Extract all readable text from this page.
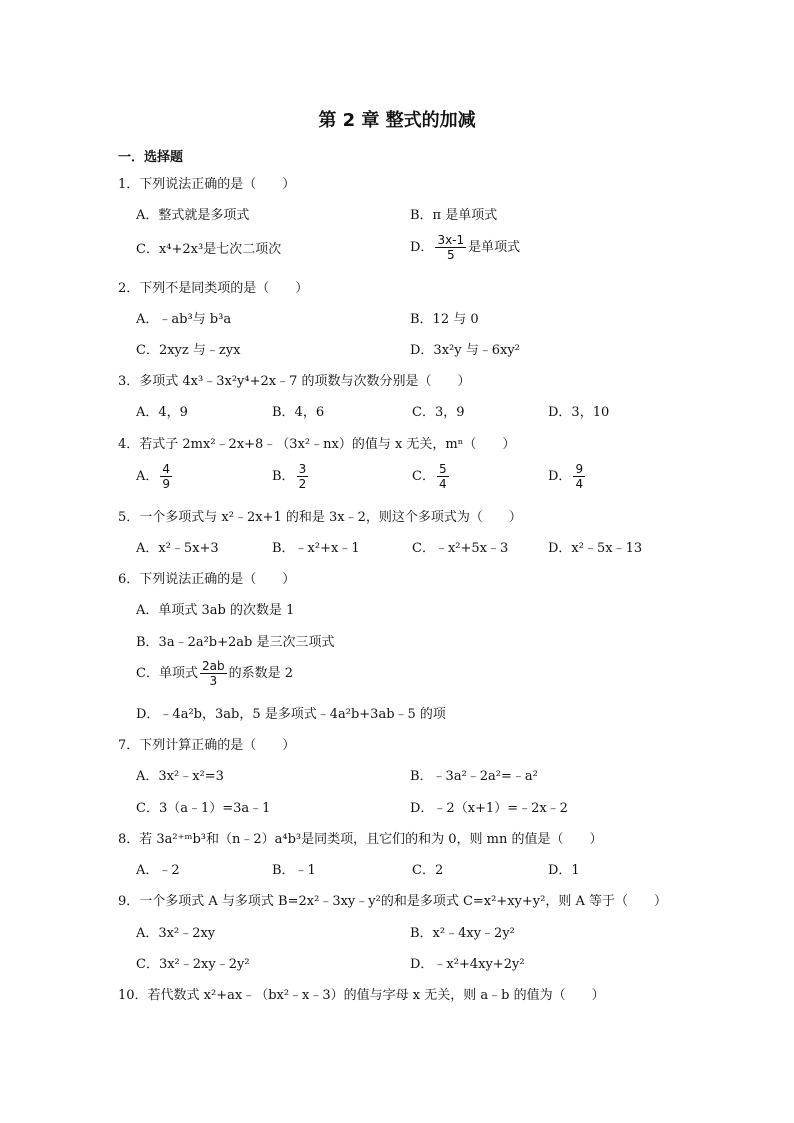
第 2 章 整式的加减
一．选择题
1．下列说法正确的是（　　）
A．整式就是多项式	B．π 是单项式
C．x⁴+2x³是七次二项次	D． $\frac{3x-1}{5}$ 是单项式
2．下列不是同类项的是（　　）
A．﹣ab³与 b³a	B．12 与 0
C．2xyz 与﹣zyx	D．3x²y 与﹣6xy²
3．多项式 4x³﹣3x²y⁴+2x﹣7 的项数与次数分别是（　　）
A．4，9	B．4，6	C．3，9	D．3，10
4．若式子 2mx²﹣2x+8﹣（3x²﹣nx）的值与 x 无关，mⁿ（　　）
A． $\frac{4}{9}$	B． $\frac{3}{2}$	C． $\frac{5}{4}$	D． $\frac{9}{4}$
5．一个多项式与 x²﹣2x+1 的和是 3x﹣2，则这个多项式为（　　）
A．x²﹣5x+3	B．﹣x²+x﹣1	C．﹣x²+5x﹣3	D．x²﹣5x﹣13
6．下列说法正确的是（　　）
A．单项式 3ab 的次数是 1
B．3a﹣2a²b+2ab 是三次三项式
C．单项式 $\frac{2ab}{3}$ 的系数是 2
D．﹣4a²b，3ab，5 是多项式﹣4a²b+3ab﹣5 的项
7．下列计算正确的是（　　）
A．3x²﹣x²=3	B．﹣3a²﹣2a²=﹣a²
C．3（a﹣1）=3a﹣1	D．﹣2（x+1）=﹣2x﹣2
8．若 3a²⁺ᵐb³和（n﹣2）a⁴b³是同类项，且它们的和为 0，则 mn 的值是（　　）
A．﹣2	B．﹣1	C．2	D．1
9．一个多项式 A 与多项式 B=2x²﹣3xy﹣y²的和是多项式 C=x²+xy+y²，则 A 等于（　　）
A．3x²﹣2xy	B．x²﹣4xy﹣2y²
C．3x²﹣2xy﹣2y²	D．﹣x²+4xy+2y²
10．若代数式 x²+ax﹣（bx²﹣x﹣3）的值与字母 x 无关，则 a﹣b 的值为（　　）
